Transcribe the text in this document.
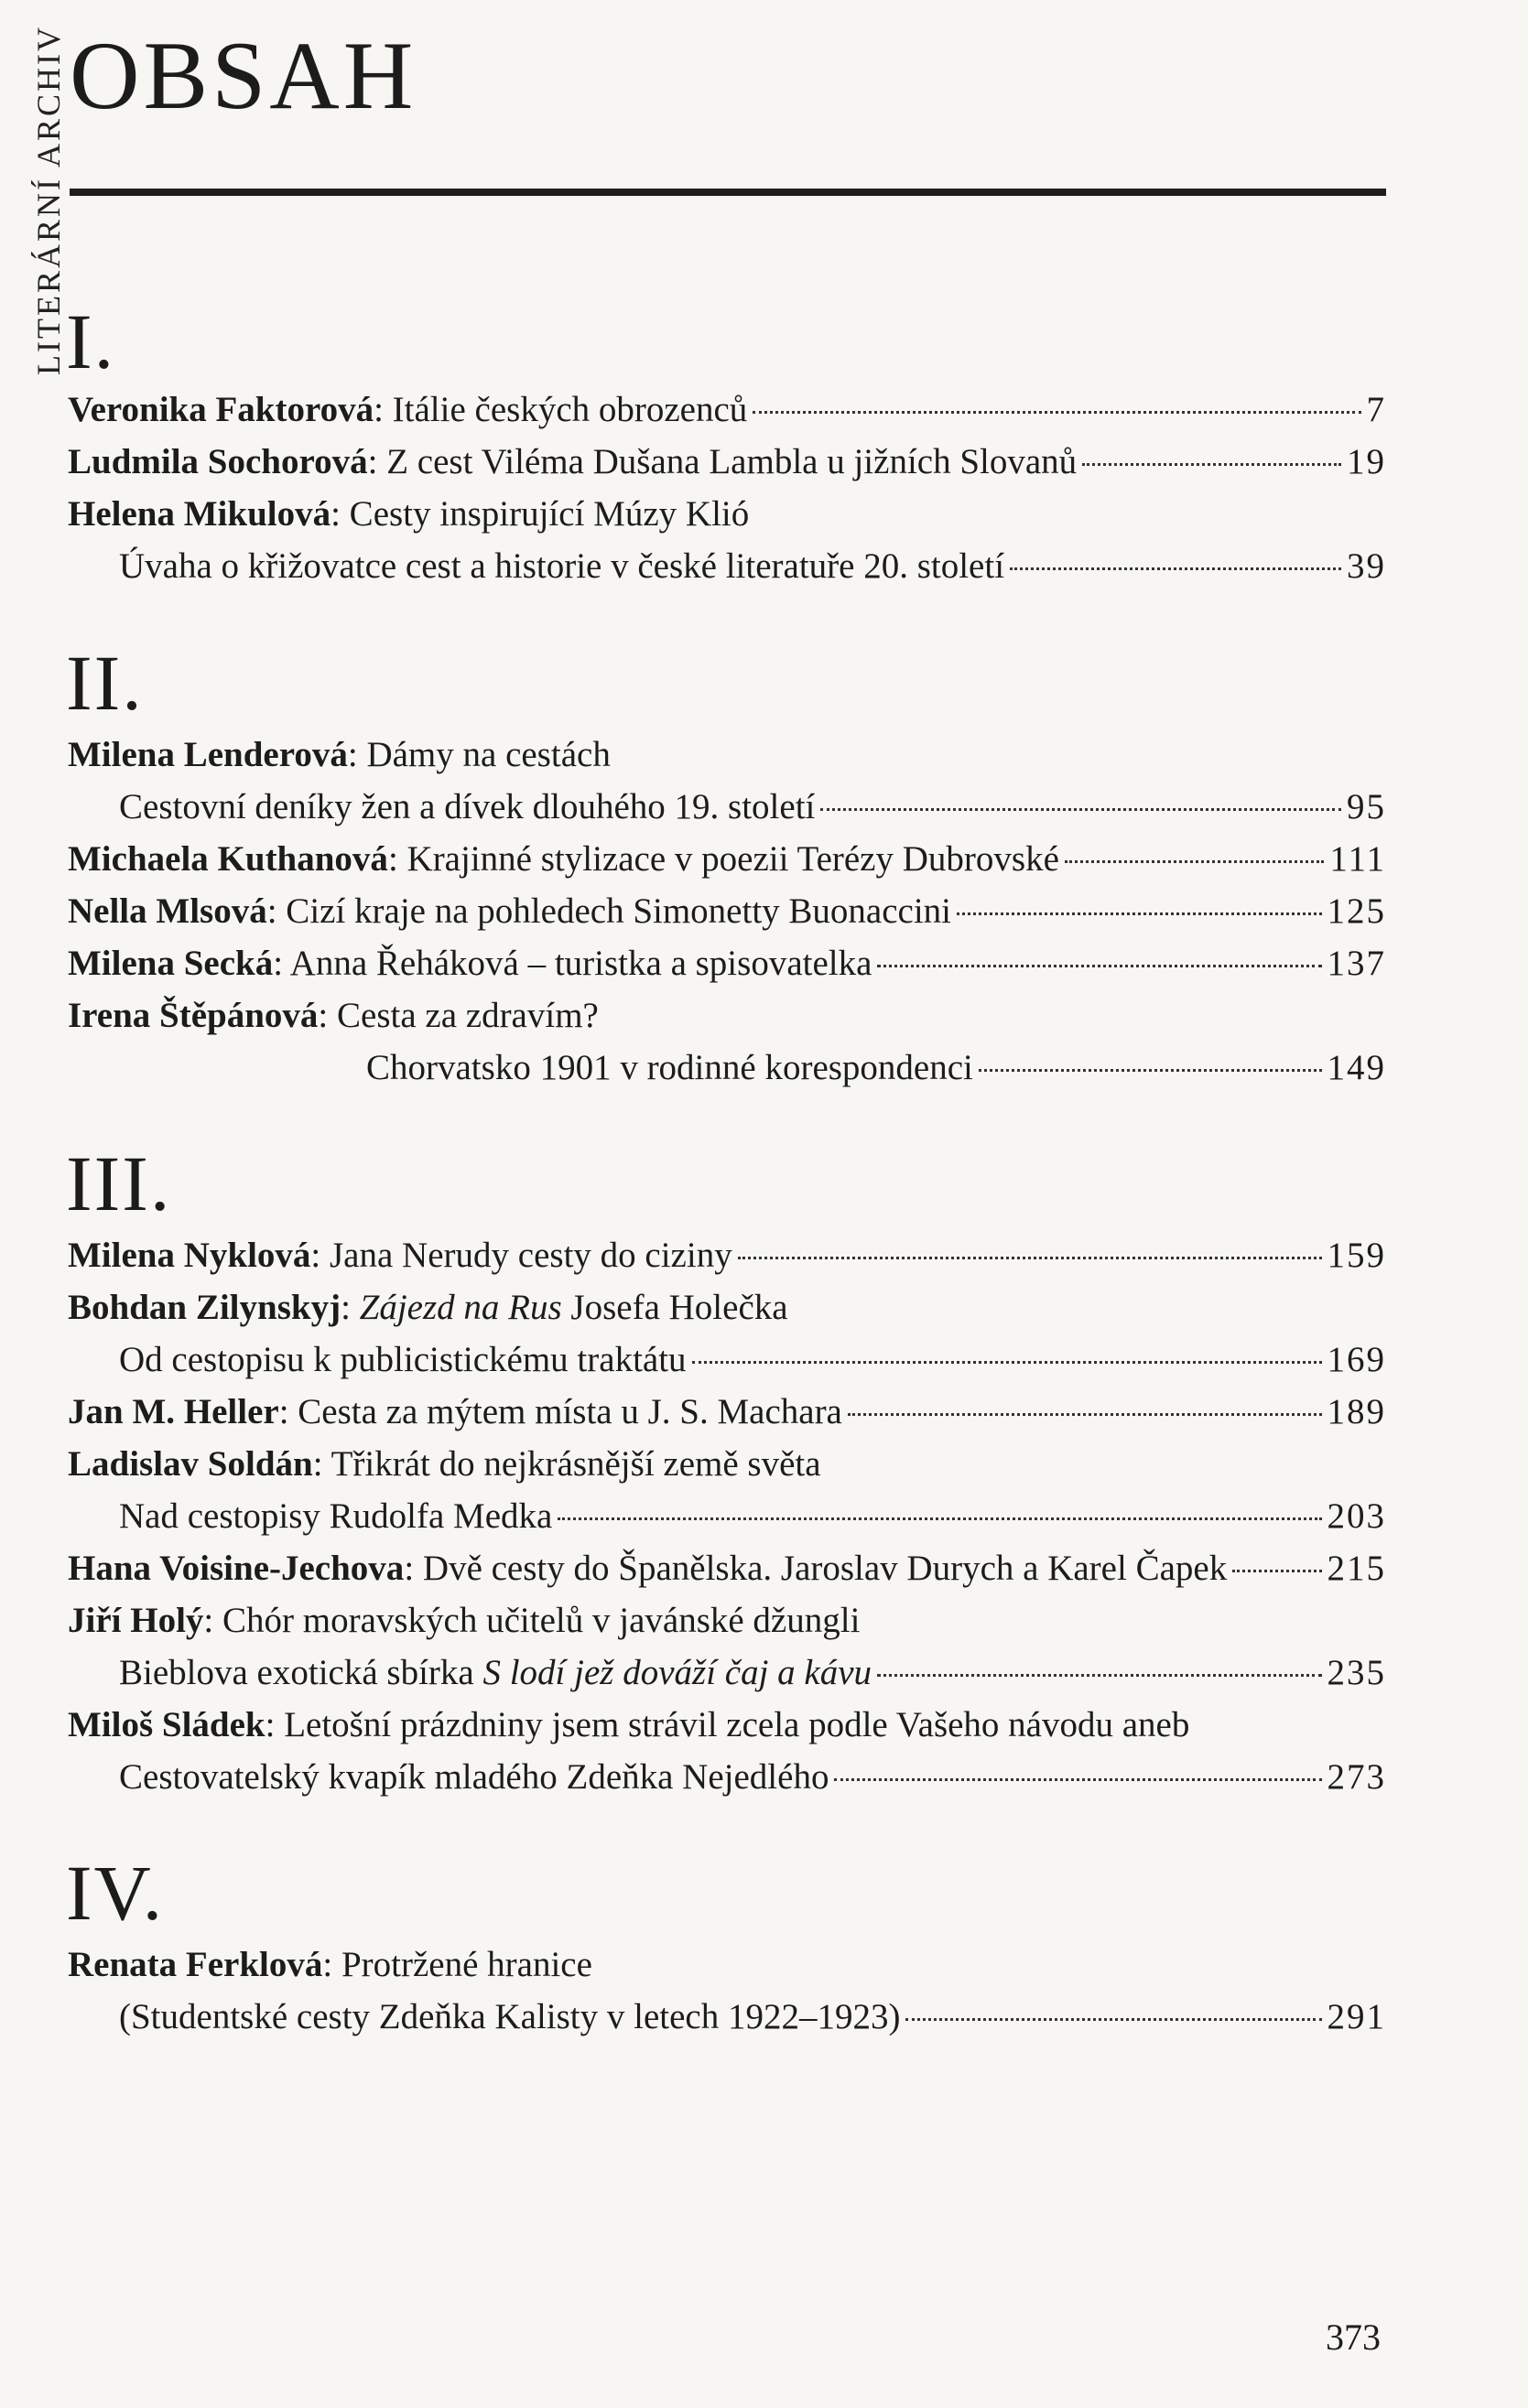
LITERÁRNÍ ARCHIV OBSAH
I.
Veronika Faktorová: Itálie českých obrozenců	7
Ludmila Sochorová: Z cest Viléma Dušana Lambla u jižních Slovanů	19
Helena Mikulová: Cesty inspirující Múzy Klió
Úvaha o křižovatce cest a historie v české literatuře 20. století	39
II.
Milena Lenderová: Dámy na cestách
Cestovní deníky žen a dívek dlouhého 19. století	95
Michaela Kuthanová: Krajinné stylizace v poezii Terézy Dubrovské	111
Nella Mlsová: Cizí kraje na pohledech Simonetty Buonaccini	125
Milena Secká: Anna Řeháková – turistka a spisovatelka	137
Irena Štěpánová: Cesta za zdravím?
Chorvatsko 1901 v rodinné korespondenci	149
III.
Milena Nyklová: Jana Nerudy cesty do ciziny	159
Bohdan Zilynskyj: Zájezd na Rus Josefa Holečka
Od cestopisu k publicistickému traktátu	169
Jan M. Heller: Cesta za mýtem místa u J. S. Machara	189
Ladislav Soldán: Třikrát do nejkrásnější země světa
Nad cestopisy Rudolfa Medka	203
Hana Voisine-Jechova: Dvě cesty do Španělska. Jaroslav Durych a Karel Čapek	215
Jiří Holý: Chór moravských učitelů v javánské džungli
Bieblova exotická sbírka S lodí jež dováží čaj a kávu	235
Miloš Sládek: Letošní prázdniny jsem strávil zcela podle Vašeho návodu aneb
Cestovatelský kvapík mladého Zdeňka Nejedlého	273
IV.
Renata Ferklová: Protržené hranice
(Studentské cesty Zdeňka Kalisty v letech 1922–1923)	291
373
